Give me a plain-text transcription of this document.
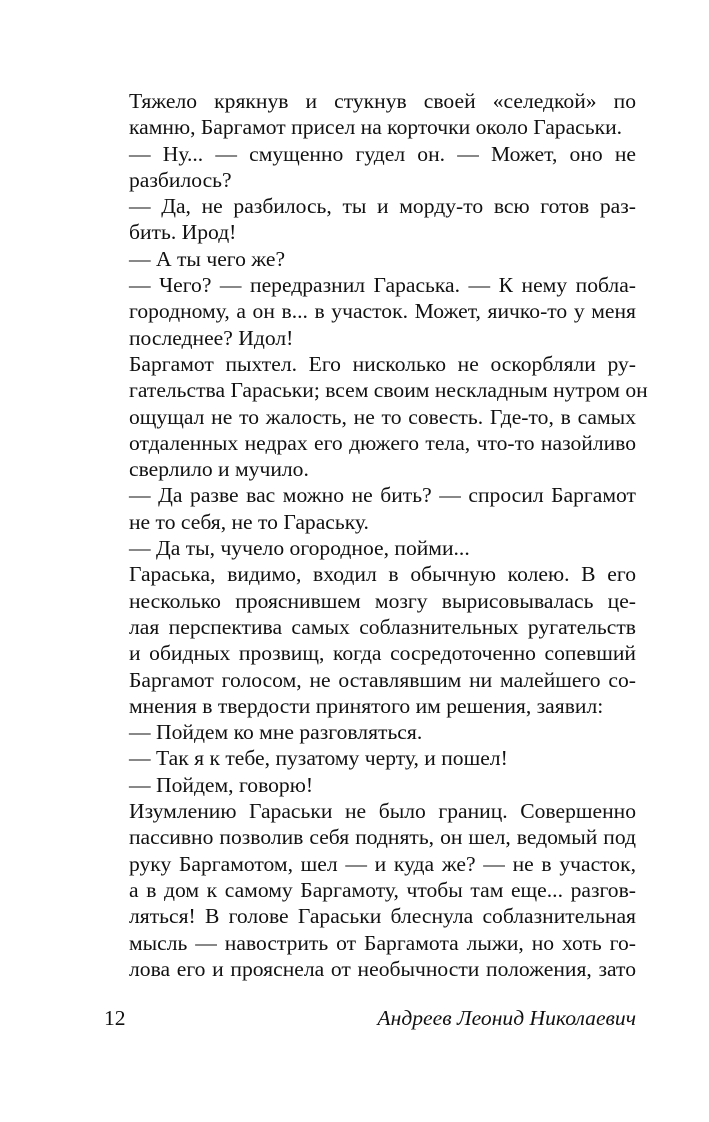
Тяжело крякнув и стукнув своей «селедкой» по
камню, Баргамот присел на корточки около Гараськи.
— Ну... — смущенно гудел он. — Может, оно не
разбилось?
— Да, не разбилось, ты и морду-то всю готов раз-
бить. Ирод!
— А ты чего же?
— Чего? — передразнил Гараська. — К нему побла-
городному, а он в... в участок. Может, яичко-то у меня
последнее? Идол!
Баргамот пыхтел. Его нисколько не оскорбляли ру-
гательства Гараськи; всем своим нескладным нутром он
ощущал не то жалость, не то совесть. Где-то, в самых
отдаленных недрах его дюжего тела, что-то назойливо
сверлило и мучило.
— Да разве вас можно не бить? — спросил Баргамот
не то себя, не то Гараську.
— Да ты, чучело огородное, пойми...
Гараська, видимо, входил в обычную колею. В его
несколько прояснившем мозгу вырисовывалась це-
лая перспектива самых соблазнительных ругательств
и обидных прозвищ, когда сосредоточенно сопевший
Баргамот голосом, не оставлявшим ни малейшего со-
мнения в твердости принятого им решения, заявил:
— Пойдем ко мне разговляться.
— Так я к тебе, пузатому черту, и пошел!
— Пойдем, говорю!
Изумлению Гараськи не было границ. Совершенно
пассивно позволив себя поднять, он шел, ведомый под
руку Баргамотом, шел — и куда же? — не в участок,
а в дом к самому Баргамоту, чтобы там еще... разгов-
ляться! В голове Гараськи блеснула соблазнительная
мысль — навострить от Баргамота лыжи, но хоть го-
лова его и прояснела от необычности положения, зато
12	Андреев Леонид Николаевич
